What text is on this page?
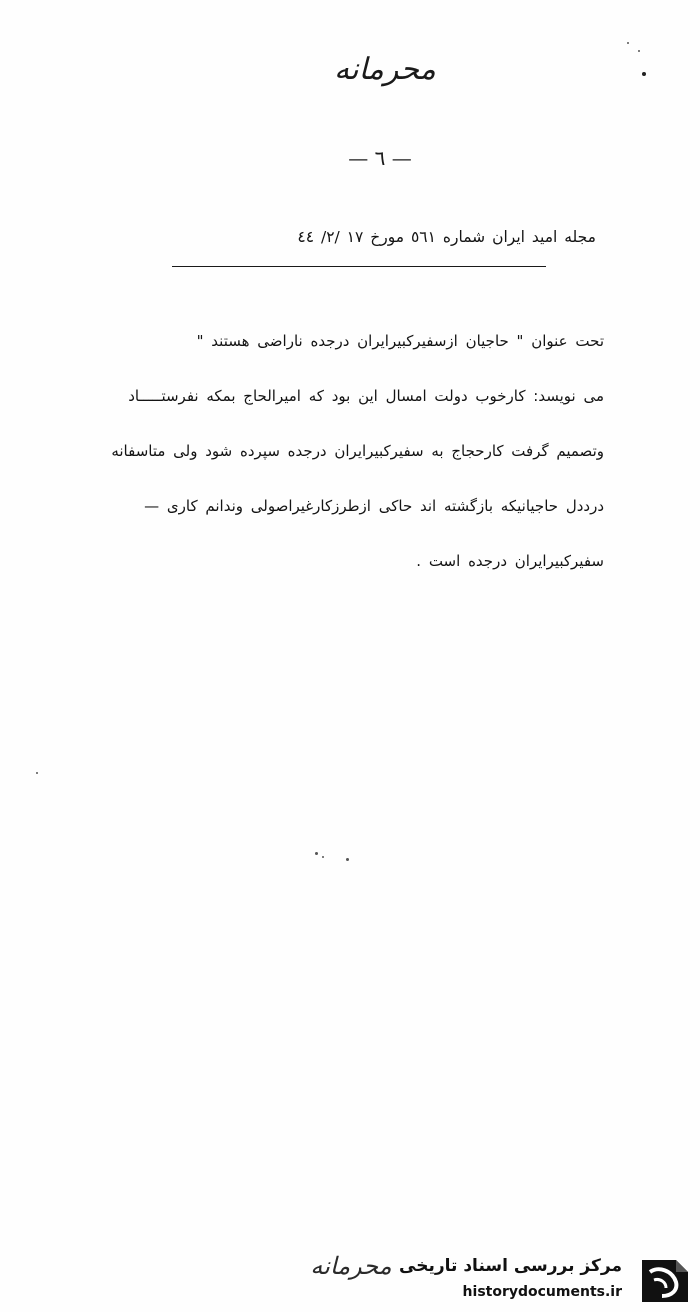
محرمانه
— ٦ —
مجله امید ایران شماره ٥٦١ مورخ ١٧ /٢/ ٤٤
تحت عنوان " حاجیان ازسفیرکبیرایران درجده ناراضی هستند "
می نویسد: کارخوب دولت امسال این بود که امیرالحاج بمکه نفرستـــــاد
وتصمیم گرفت کارحجاج به سفیرکبیرایران درجده سپرده شود ولی متاسفانه
درددل حاجیانیکه بازگشته اند حاکی ازطرزکارغیراصولی وندانم کاری —
سفیرکبیرایران درجده است .
محرمانه مرکز بررسی اسناد تاریخی
historydocuments.ir
